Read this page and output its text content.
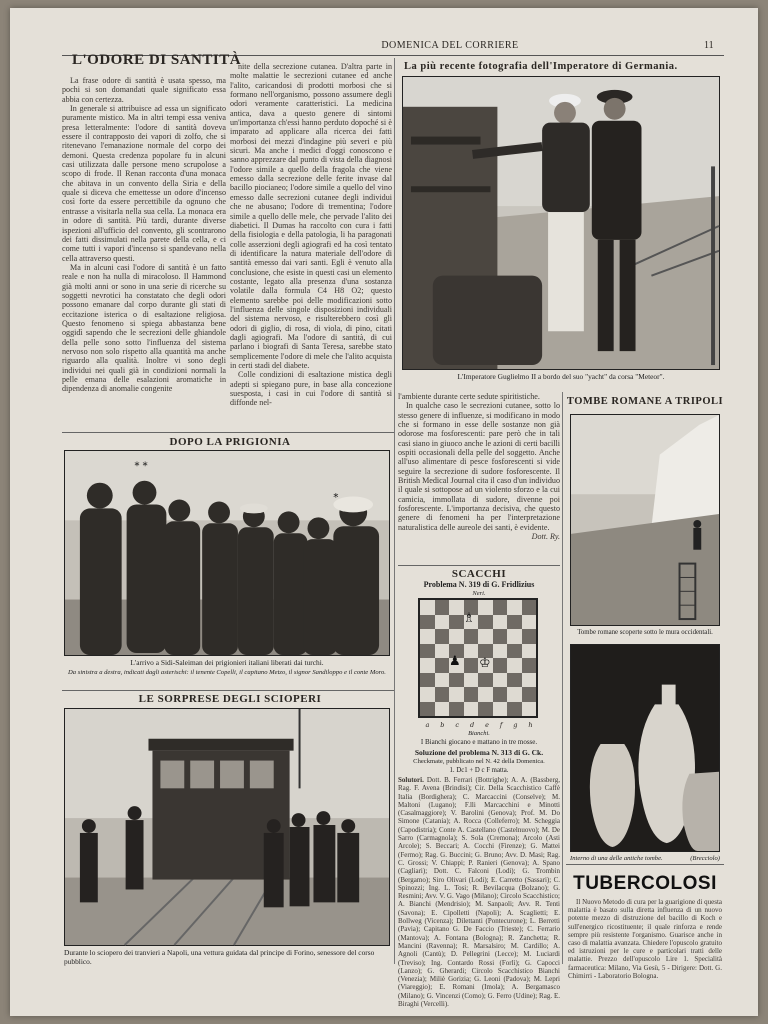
DOMENICA DEL CORRIERE	11
L'ODORE DI SANTITÀ

La frase odore di santità è usata spesso, ma pochi si son domandati quale significato essa abbia con certezza.

In generale si attribuisce ad essa un significato puramente mistico. Ma in altri tempi essa veniva presa letteralmente: l'odore di santità doveva essere il contrapposto dei vapori di zolfo, che si ritenevano l'emanazione normale del corpo dei demoni. Questa credenza popolare fu in alcuni casi utilizzata dalle persone meno scrupolose a scopo di frode. Il Renan racconta d'una monaca che abitava in un convento della Siria e della quale si diceva che emettesse un odore d'incenso così forte da essere percettibile da ognuno che entrasse a visitarla nella sua cella. La monaca era in odore di santità. Più tardi, durante diverse ispezioni all'ufficio del convento, gli scontrarono dei fatti dissimulati nella parete della cella, e ci come tutti i vapori d'incenso si spandevano nella cella attraverso questi.

Ma in alcuni casi l'odore di santità è un fatto reale e non ha nulla di miracoloso. Il Hammond già molti anni or sono in una serie di ricerche su soggetti nevrotici ha constatato che degli odori possono emanare dal corpo durante gli stati di eccitazione isterica o di esaltazione religiosa. Questo fenomeno si spiega abbastanza bene oggidì sapendo che le secrezioni delle ghiandole della pelle sono sotto l'influenza del sistema nervoso non solo rispetto alla quantità ma anche riguardo alla qualità. Inoltre vi sono degli individui nei quali già in condizioni normali la pelle emana delle esalazioni aromatiche in dipendenza di anomalie congenite

nite della secrezione cutanea. D'altra parte in molte malattie le secrezioni cutanee ed anche l'alito, caricandosi di prodotti morbosi che si formano nell'organismo, possono assumere degli odori veramente caratteristici. La medicina antica, dava a questo genere di sintomi un'importanza ch'essi hanno perduto dopoché si è imparato ad applicare alla ricerca dei fatti morbosi dei mezzi d'indagine più severi e più sicuri. Ma anche i medici d'oggi conoscono e sanno apprezzare dal punto di vista della diagnosi l'odore simile a quello della fragola che viene emesso dalla secrezione delle ferite invase dal bacillo piocianeo; l'odore simile a quello del vino emesso dalle secrezioni cutanee degli individui che ne abusano; l'odore di trementina; l'odore simile a quello delle mele, che pervade l'alito dei diabetici. Il Dumas ha raccolto con cura i fatti della fisiologia e della patologia, li ha paragonati colle asserzioni degli agiografi ed ha così tentato di identificare la natura materiale dell'odore di santità emesso dai vari santi. Egli è venuto alla conclusione, che esiste in questi casi un elemento costante, legato alla presenza d'una sostanza volatile dalla formula C4 H8 O2; questo elemento sarebbe poi delle modificazioni sotto l'influenza delle singole disposizioni individuali del sistema nervoso, e risulterebbero così gli odori di giglio, di rosa, di viola, di pino, citati dagli agiografi. Ma l'odore di santità, di cui parlano i biografi di Santa Teresa, sarebbe stato semplicemente l'odore di mele che l'alito acquista in certi stadi del diabete.

Colle condizioni di esaltazione mistica degli adepti si spiegano pure, in base alla concezione suesposta, i casi in cui l'odore di santità si diffonde nel-

l'ambiente durante certe sedute spiritistiche.

In qualche caso le secrezioni cutanee, sotto lo stesso genere di influenze, si modificano in modo che si formano in esse delle sostanze non già odorose ma fosforescenti: pare però che in tali casi siano in giuoco anche le azioni di certi bacilli ospiti occasionali della pelle del soggetto. Anche all'uso alimentare di pesce fosforescenti si vide seguire la secrezione di sudore fosforescente. Il British Medical Journal cita il caso d'un individuo il quale si sottopose ad un violento sforzo e la cui camicia, immollata di sudore, divenne poi fosforescente. L'importanza decisiva, che questo genere di fenomeni ha per l'interpretazione naturalistica delle aureole dei santi, è evidente.

Dott. Ry.

La più recente fotografia dell'Imperatore di Germania.
L'Imperatore Guglielmo II a bordo del suo "yacht" da corsa "Meteor".
DOPO LA PRIGIONIA
* *
*
L'arrivo a Sidi-Saleiman dei prigionieri italiani liberati dai turchi.
Da sinistra a destra, indicati dagli asterischi: il tenente Copelli, il capitano Metzo, il signor Sandiloppo e il conte Moro.
LE SORPRESE DEGLI SCIOPERI
Durante lo sciopero dei tranvieri a Napoli, una vettura guidata dal principe di Forino, senessore del corso pubblico.
TOMBE ROMANE A TRIPOLI
Tombe romane scoperte sotto le mura occidentali.
Interno di una delle antiche tombe.	(Brecciolo)
SCACCHI
Problema N. 319 di G. Fridlizius
Neri.
♗
♟ ♔
a b c d e f g h
Bianchi.
I Bianchi giocano e mattano in tre mosse.
Soluzione del problema N. 313 di G. Ck.
Checkmate, pubblicato nel N. 42 della Domenica.
1. Dc1 + D c F matta.
Solutori. Dott. B. Ferrari (Bottrighe); A. A. (Bassberg, Rag. F. Avena (Brindisi); Cir. Della Scacchistico Caffè Italia (Bordighera); C. Marcaccini (Conselve); M. Maltoni (Lugano); F.lli Marcacchini e Minotti (Casalmaggiore); V. Barolini (Genova); Prof. M. Do Simone (Catania); A. Rocca (Colleferro); M. Scheggia (Capodistria); Conte A. Castellano (Castelnuovo); M. De Sarro (Carmagnola); S. Sola (Cremona); Arcolo (Asti Arcole); S. Beccari; A. Cocchi (Firenze); G. Mattei (Fermo); Rag. G. Buccini; G. Bruno; Avv. D. Masi; Rag. C. Grossi; V. Chiappi; P. Ranieri (Genova); A. Spano (Cagliari); Dott. C. Falconi (Lodi); G. Trombin (Bergamo); Siro Olivari (Lodi); E. Carretto (Sassari); C. Spinozzi; Ing. L. Tosi; R. Bevilacqua (Bolzano); G. Resmini; Avv. V. G. Vago (Milano); Circolo Scacchistico; A. Bianchi (Mendrisio); M. Sanpaoli; Avv. R. Tenti (Savona); E. Cipolletti (Napoli); A. Scaglietti; E. Bollweg (Vicenza); Dilettanti (Pontecurone); L. Berretti (Pavia); Capitano G. De Faccio (Trieste); C. Ferrario (Mantova); A. Fontana (Bologna); R. Zanchetta; R. Mancini (Ravenna); R. Marsalsiro; M. Cardillo; A. Agnoli (Cantù); D. Pellegrini (Lecce); M. Luciardi (Treviso); Ing. Contardo Rossi (Forlì); G. Capocci (Lanzo); G. Gherardi; Circolo Scacchistico Bianchi (Venezia); Miliè Gorizia; G. Leoni (Padova); M. Lepri (Viareggio); E. Romani (Imola); A. Bergamasco (Milano); G. Vincenzi (Como); G. Ferro (Udine); Rag. E. Biraghi (Vercelli).
TUBERCOLOSI

Il Nuovo Metodo di cura per la guarigione di questa malattia è basato sulla diretta influenza di un nuovo potente mezzo di distruzione del bacillo di Koch e sull'energico ricostituente; il quale rinforza e rende sempre più resistente l'organismo. Guarisce anche in caso di malattia avanzata. Chiedere l'opuscolo gratuito ed istruzioni per le cure e particolari tratti delle malattie. Prezzo dell'opuscolo Lire 1. Specialità farmaceutica: Milano, Via Gesù, 5 - Dirigere: Dott. G. Chimirri - Laboratorio Bologna.
